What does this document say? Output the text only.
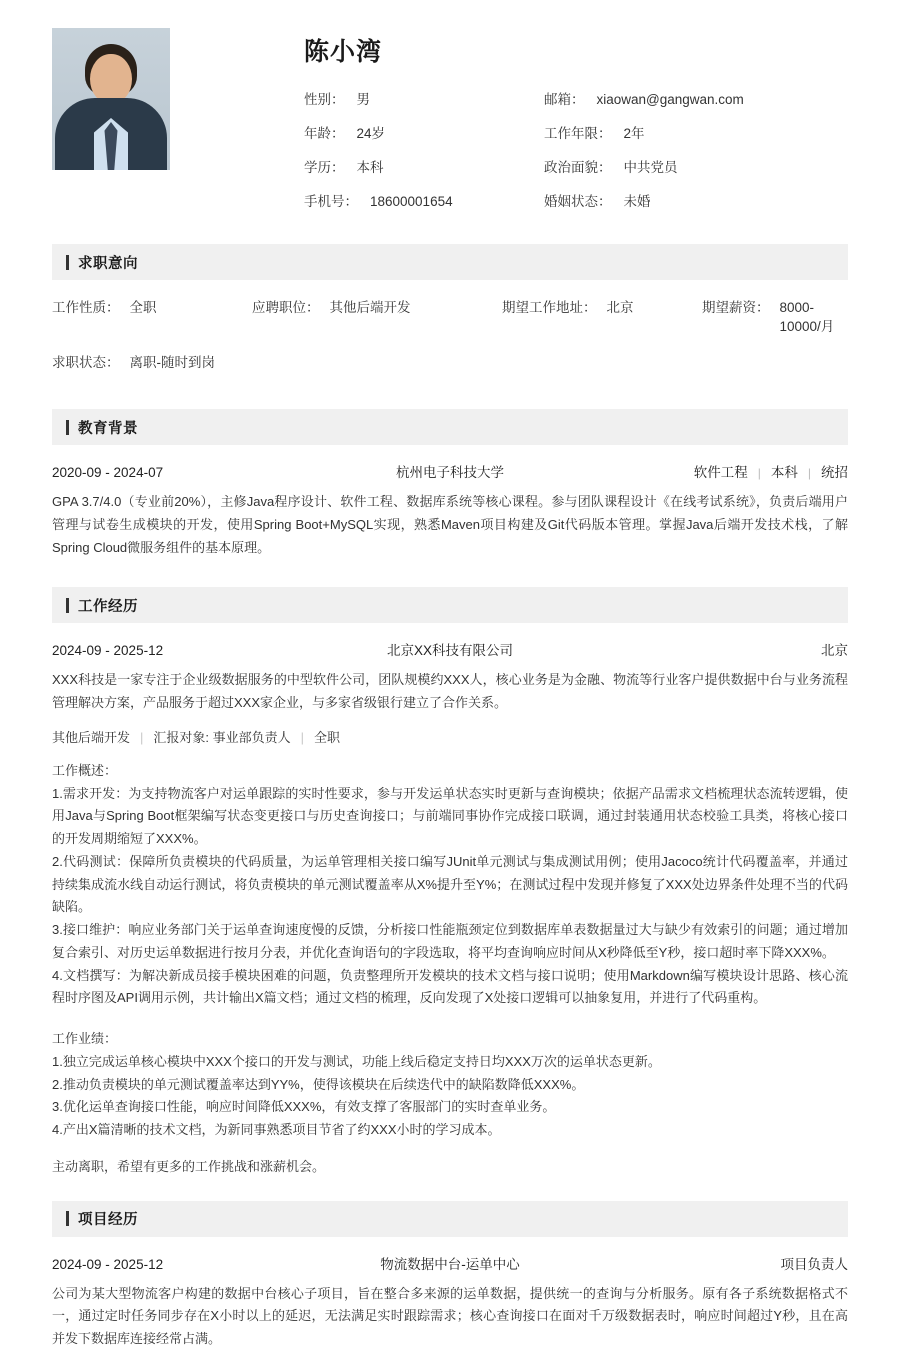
陈小湾
性别： 男	邮箱： xiaowan@gangwan.com
年龄： 24岁	工作年限： 2年
学历： 本科	政治面貌： 中共党员
手机号： 18600001654	婚姻状态： 未婚
求职意向
工作性质： 全职	应聘职位： 其他后端开发	期望工作地址： 北京	期望薪资： 8000-10000/月
求职状态： 离职-随时到岗
教育背景
2020-09 - 2024-07	杭州电子科技大学	软件工程 | 本科 | 统招

GPA 3.7/4.0（专业前20%），主修Java程序设计、软件工程、数据库系统等核心课程。参与团队课程设计《在线考试系统》，负责后端用户管理与试卷生成模块的开发，使用Spring Boot+MySQL实现，熟悉Maven项目构建及Git代码版本管理。掌握Java后端开发技术栈，了解Spring Cloud微服务组件的基本原理。

工作经历
2024-09 - 2025-12	北京XX科技有限公司	北京

XXX科技是一家专注于企业级数据服务的中型软件公司，团队规模约XXX人，核心业务是为金融、物流等行业客户提供数据中台与业务流程管理解决方案，产品服务于超过XXX家企业，与多家省级银行建立了合作关系。

其他后端开发 | 汇报对象: 事业部负责人 | 全职
工作概述：
1.需求开发：为支持物流客户对运单跟踪的实时性要求，参与开发运单状态实时更新与查询模块；依据产品需求文档梳理状态流转逻辑，使用Java与Spring Boot框架编写状态变更接口与历史查询接口；与前端同事协作完成接口联调，通过封装通用状态校验工具类，将核心接口的开发周期缩短了XXX%。
2.代码测试：保障所负责模块的代码质量，为运单管理相关接口编写JUnit单元测试与集成测试用例；使用Jacoco统计代码覆盖率，并通过持续集成流水线自动运行测试，将负责模块的单元测试覆盖率从X%提升至Y%；在测试过程中发现并修复了XXX处边界条件处理不当的代码缺陷。
3.接口维护：响应业务部门关于运单查询速度慢的反馈，分析接口性能瓶颈定位到数据库单表数据量过大与缺少有效索引的问题；通过增加复合索引、对历史运单数据进行按月分表，并优化查询语句的字段选取，将平均查询响应时间从X秒降低至Y秒，接口超时率下降XXX%。
4.文档撰写：为解决新成员接手模块困难的问题，负责整理所开发模块的技术文档与接口说明；使用Markdown编写模块设计思路、核心流程时序图及API调用示例，共计输出X篇文档；通过文档的梳理，反向发现了X处接口逻辑可以抽象复用，并进行了代码重构。
工作业绩：
1.独立完成运单核心模块中XXX个接口的开发与测试，功能上线后稳定支持日均XXX万次的运单状态更新。
2.推动负责模块的单元测试覆盖率达到YY%，使得该模块在后续迭代中的缺陷数降低XXX%。
3.优化运单查询接口性能，响应时间降低XXX%，有效支撑了客服部门的实时查单业务。
4.产出X篇清晰的技术文档，为新同事熟悉项目节省了约XXX小时的学习成本。
主动离职，希望有更多的工作挑战和涨薪机会。
项目经历
2024-09 - 2025-12	物流数据中台-运单中心	项目负责人

公司为某大型物流客户构建的数据中台核心子项目，旨在整合多来源的运单数据，提供统一的查询与分析服务。原有各子系统数据格式不一，通过定时任务同步存在X小时以上的延迟，无法满足实时跟踪需求；核心查询接口在面对千万级数据表时，响应时间超过Y秒，且在高并发下数据库连接经常占满。
